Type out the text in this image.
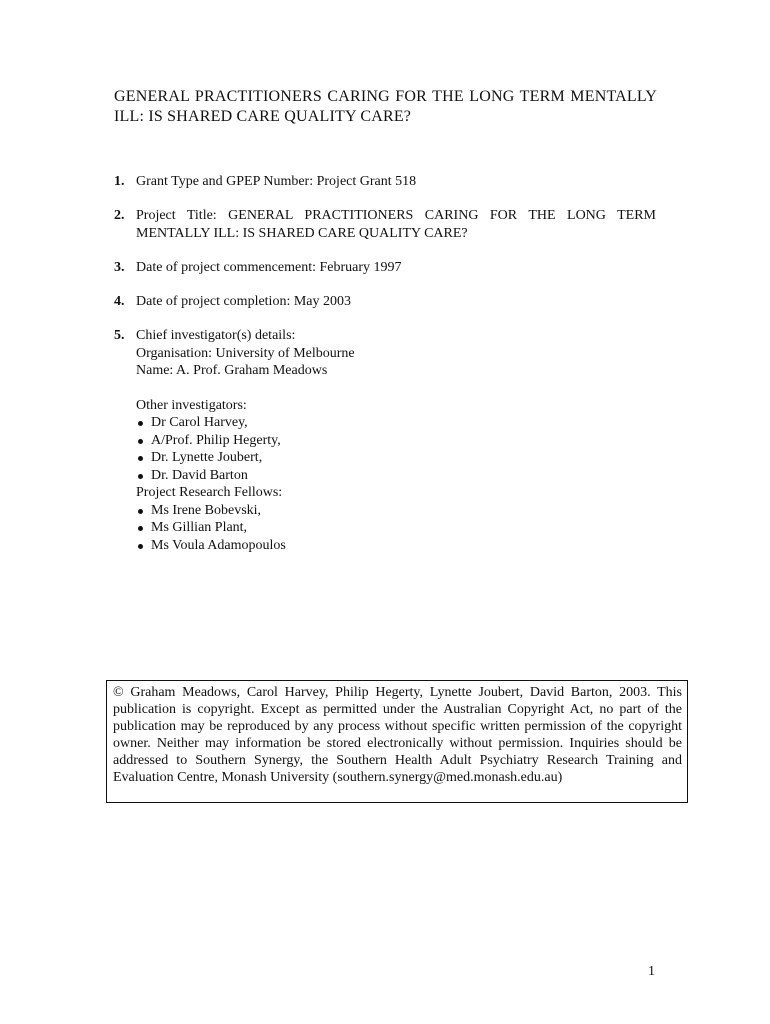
GENERAL PRACTITIONERS CARING FOR THE LONG TERM MENTALLY ILL: IS SHARED CARE QUALITY CARE?
1. Grant Type and GPEP Number: Project Grant 518
2. Project Title: GENERAL PRACTITIONERS CARING FOR THE LONG TERM MENTALLY ILL: IS SHARED CARE QUALITY CARE?
3. Date of project commencement: February 1997
4. Date of project completion: May 2003
5. Chief investigator(s) details:
Organisation: University of Melbourne
Name: A. Prof. Graham Meadows
Other investigators:
Dr Carol Harvey,
A/Prof. Philip Hegerty,
Dr. Lynette Joubert,
Dr. David Barton
Project Research Fellows:
Ms Irene Bobevski,
Ms Gillian Plant,
Ms Voula Adamopoulos
© Graham Meadows, Carol Harvey, Philip Hegerty, Lynette Joubert, David Barton, 2003. This publication is copyright. Except as permitted under the Australian Copyright Act, no part of the publication may be reproduced by any process without specific written permission of the copyright owner. Neither may information be stored electronically without permission. Inquiries should be addressed to Southern Synergy, the Southern Health Adult Psychiatry Research Training and Evaluation Centre, Monash University (southern.synergy@med.monash.edu.au)
1
